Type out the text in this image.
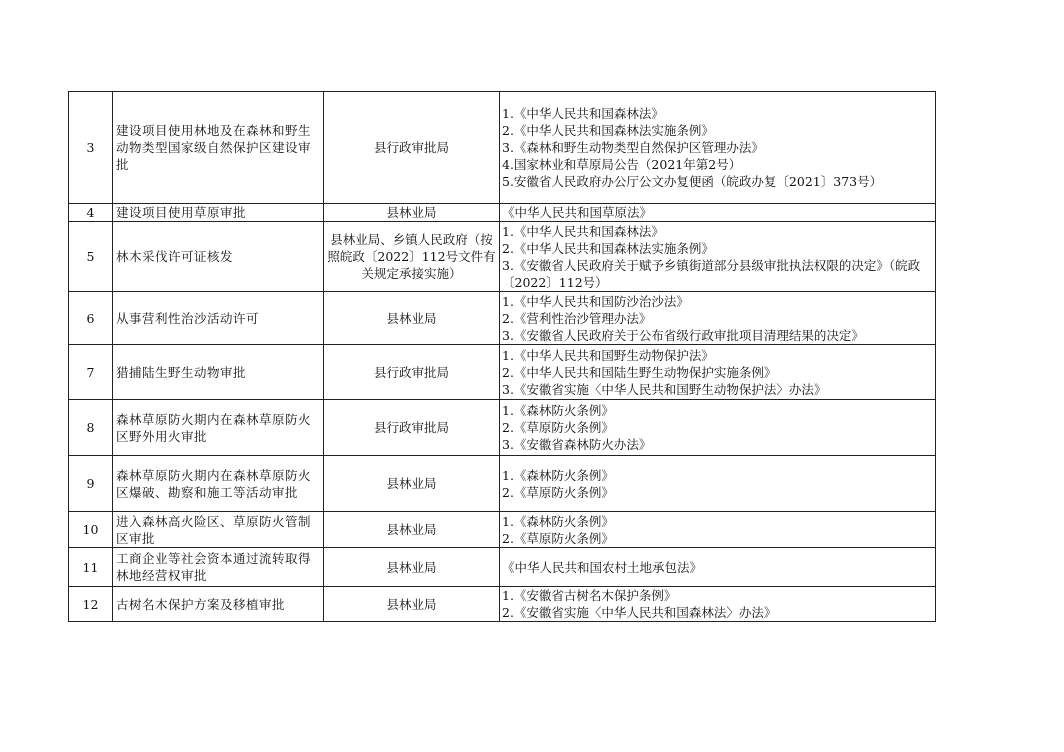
3	建设项目使用林地及在森林和野生动物类型国家级自然保护区建设审批	县行政审批局	1.《中华人民共和国森林法》
2.《中华人民共和国森林法实施条例》
3.《森林和野生动物类型自然保护区管理办法》
4.国家林业和草原局公告（2021年第2号）
5.安徽省人民政府办公厅公文办复便函（皖政办复〔2021〕373号）

4	建设项目使用草原审批	县林业局	《中华人民共和国草原法》

5	林木采伐许可证核发	县林业局、乡镇人民政府（按照皖政〔2022〕112号文件有关规定承接实施）	1.《中华人民共和国森林法》
2.《中华人民共和国森林法实施条例》
3.《安徽省人民政府关于赋予乡镇街道部分县级审批执法权限的决定》（皖政〔2022〕112号）

6	从事营利性治沙活动许可	县林业局	1.《中华人民共和国防沙治沙法》
2.《营利性治沙管理办法》
3.《安徽省人民政府关于公布省级行政审批项目清理结果的决定》

7	猎捕陆生野生动物审批	县行政审批局	1.《中华人民共和国野生动物保护法》
2.《中华人民共和国陆生野生动物保护实施条例》
3.《安徽省实施〈中华人民共和国野生动物保护法〉办法》

8	森林草原防火期内在森林草原防火区野外用火审批	县行政审批局	1.《森林防火条例》
2.《草原防火条例》
3.《安徽省森林防火办法》

9	森林草原防火期内在森林草原防火区爆破、勘察和施工等活动审批	县林业局	1.《森林防火条例》
2.《草原防火条例》

10	进入森林高火险区、草原防火管制区审批	县林业局	1.《森林防火条例》
2.《草原防火条例》

11	工商企业等社会资本通过流转取得林地经营权审批	县林业局	《中华人民共和国农村土地承包法》

12	古树名木保护方案及移植审批	县林业局	1.《安徽省古树名木保护条例》
2.《安徽省实施〈中华人民共和国森林法〉办法》
